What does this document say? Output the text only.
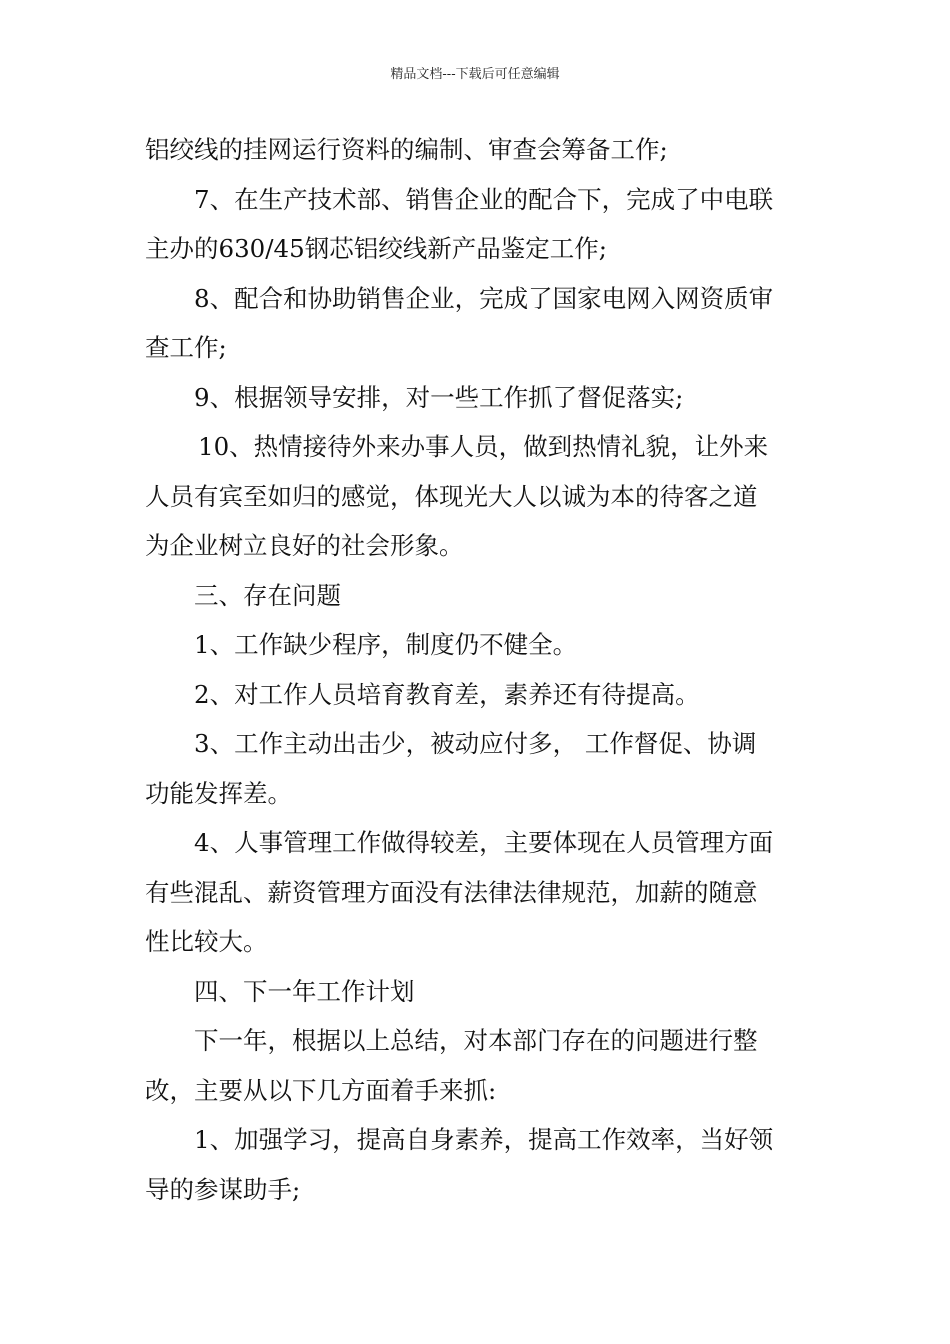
精品文档---下载后可任意编辑
铝绞线的挂网运行资料的编制、审查会筹备工作;
7、在生产技术部、销售企业的配合下，完成了中电联
主办的630/45钢芯铝绞线新产品鉴定工作;
8、配合和协助销售企业，完成了国家电网入网资质审
查工作;
9、根据领导安排，对一些工作抓了督促落实;
10、热情接待外来办事人员，做到热情礼貌，让外来
人员有宾至如归的感觉，体现光大人以诚为本的待客之道
为企业树立良好的社会形象。
三、存在问题
1、工作缺少程序，制度仍不健全。
2、对工作人员培育教育差，素养还有待提高。
3、工作主动出击少，被动应付多， 工作督促、协调
功能发挥差。
4、人事管理工作做得较差，主要体现在人员管理方面
有些混乱、薪资管理方面没有法律法律规范，加薪的随意
性比较大。
四、下一年工作计划
下一年，根据以上总结，对本部门存在的问题进行整
改，主要从以下几方面着手来抓:
1、加强学习，提高自身素养，提高工作效率，当好领
导的参谋助手;
